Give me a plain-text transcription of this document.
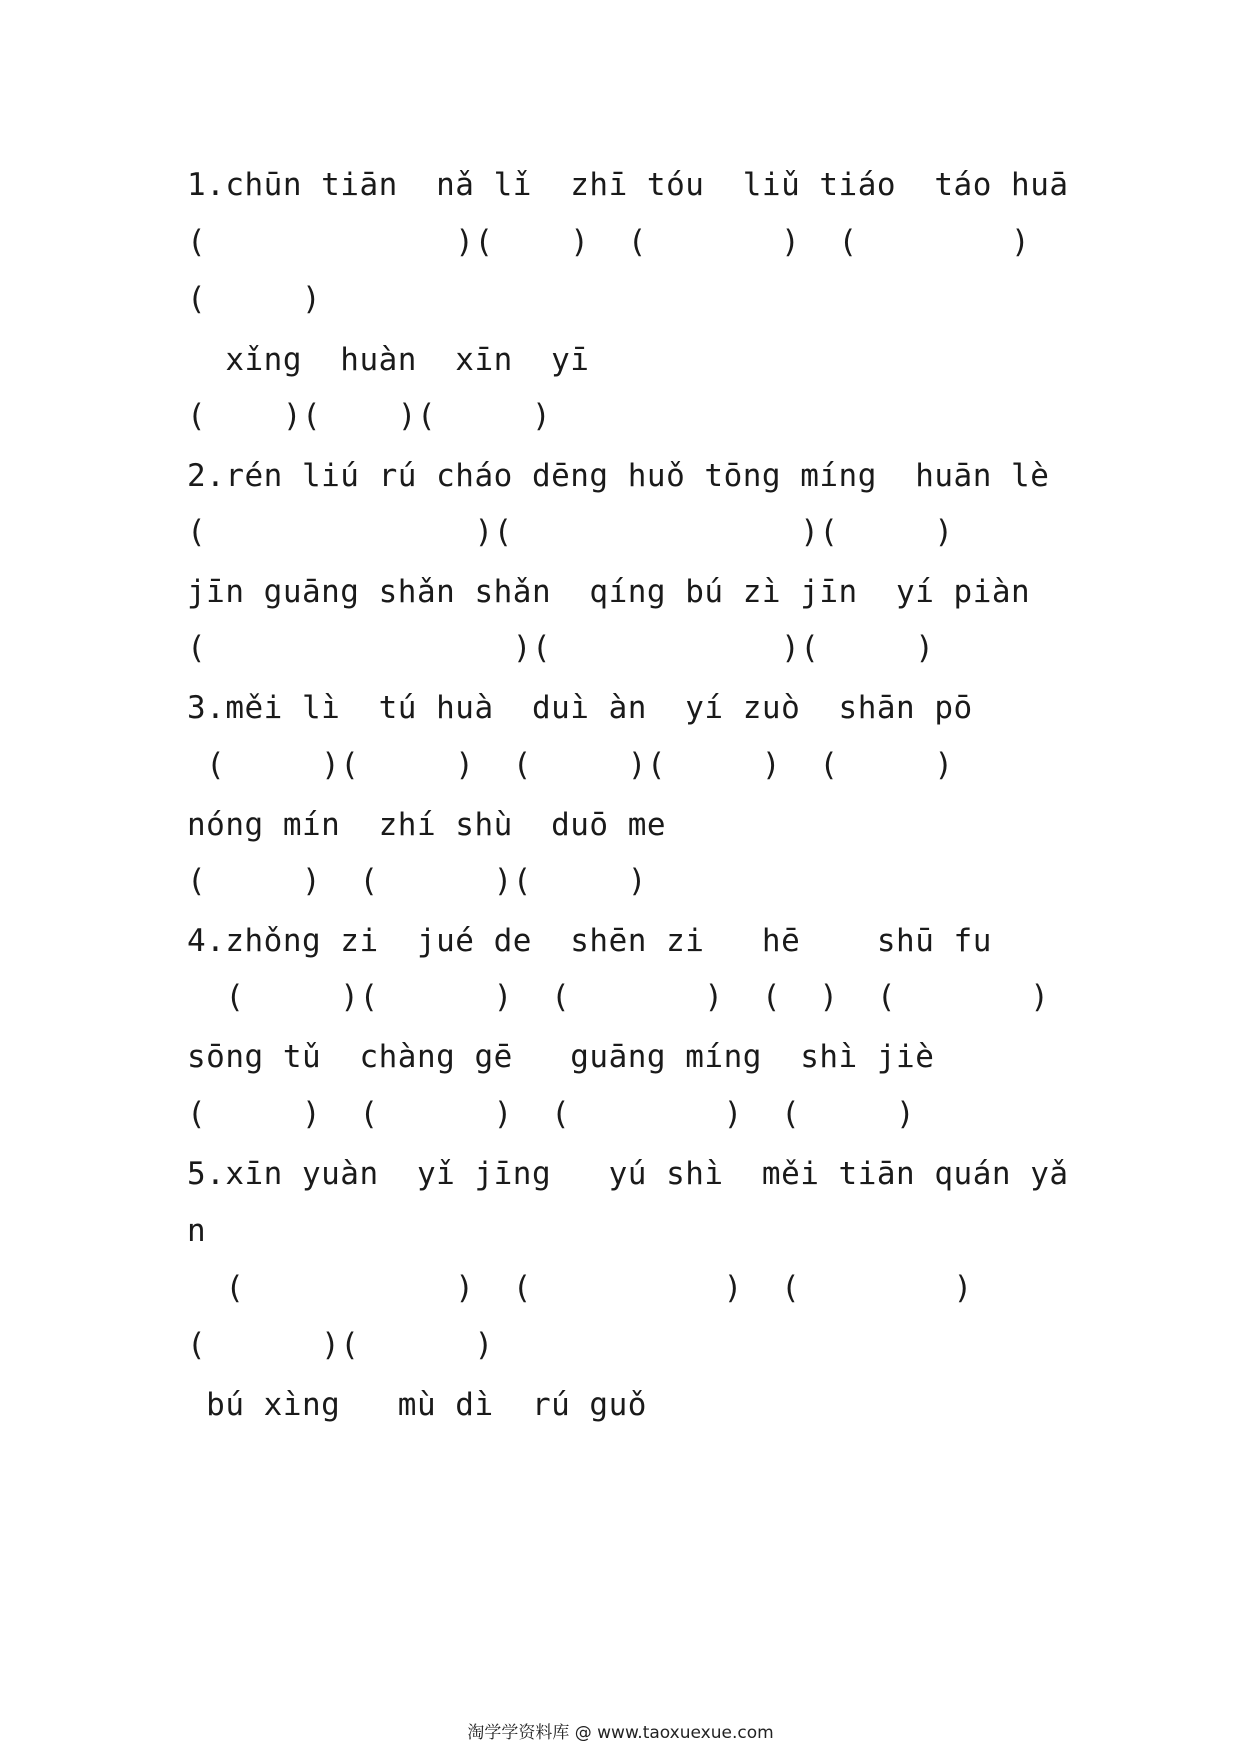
1.chūn tiān  nǎ lǐ  zhī tóu  liǔ tiáo  táo huā
(             )(    )  (       )  (        )
(     )
xǐng  huàn  xīn  yī
(    )(    )(     )
2.rén liú rú cháo dēng huǒ tōng míng  huān lè
(              )(               )(     )
jīn guāng shǎn shǎn  qíng bú zì jīn  yí piàn
(                )(            )(     )
3.měi lì  tú huà  duì àn  yí zuò  shān pō
(     )(     )  (     )(     )  (     )
nóng mín  zhí shù  duō me
(     )  (      )(     )
4.zhǒng zi  jué de  shēn zi   hē    shū fu
(     )(      )  (       )  (  )  (       )
sōng tǔ  chàng gē   guāng míng  shì jiè
(     )  (      )  (        )  (     )
5.xīn yuàn  yǐ jīng   yú shì  měi tiān quán yǎ
n
(           )  (          )  (        )
(      )(      )
bú xìng   mù dì  rú guǒ
淘学学资料库 @ www.taoxuexue.com
